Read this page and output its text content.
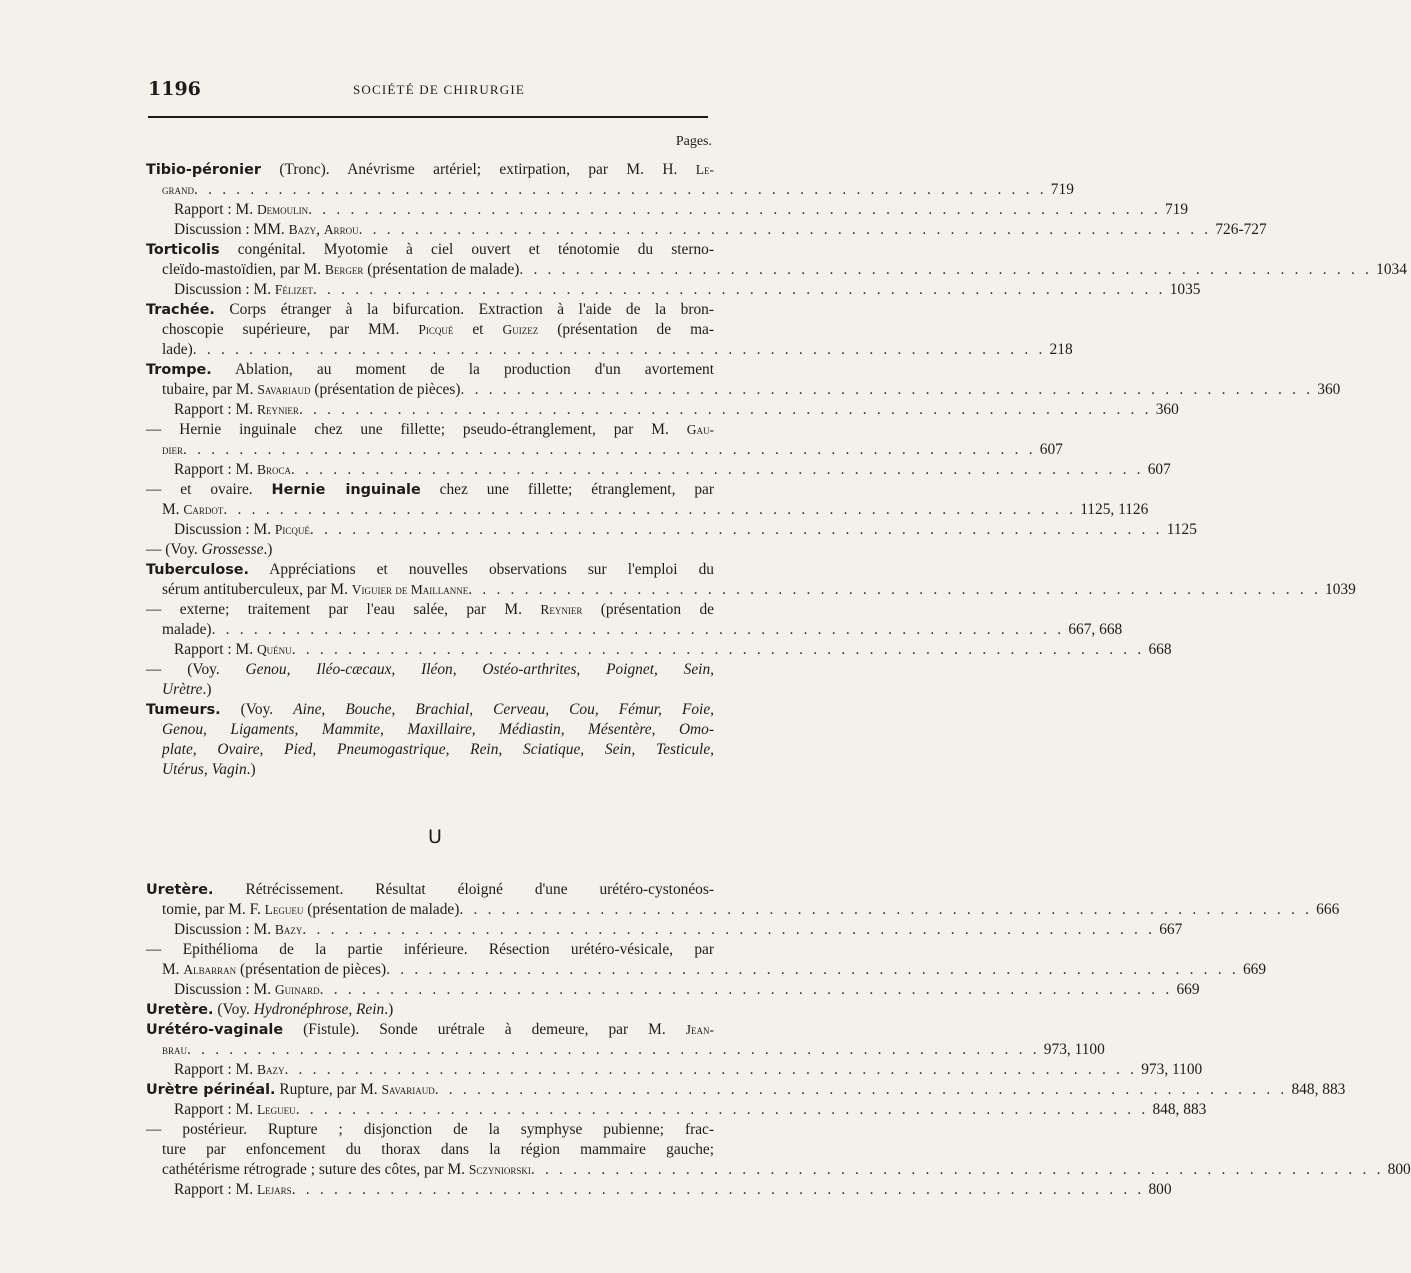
1196	SOCIÉTÉ DE CHIRURGIE
Pages.
Tibio-péronier (Tronc). Anévrisme artériel; extirpation, par M. H. Le-
grand . . . . . . . . . . . . . . . . . . . . . . . . . . . . . . . . . . . . . . . . . . . . . . . . . . . . . . . . . . . . . 719
Rapport : M. Demoulin . . . . . . . . . . . . . . . . . . . . . . . . . . . . . . . . . . . . . . . . . . . . . . . . . . . . . . . . . . . . . 719
Discussion : MM. Bazy, Arrou . . . . . . . . . . . . . . . . . . . . . . . . . . . . . . . . . . . . . . . . . . . . . . . . . . . . . . . . . . . . . 726-727
Torticolis congénital. Myotomie à ciel ouvert et ténotomie du sterno-
cleïdo-mastoïdien, par M. Berger (présentation de malade) . . . . . . . . . . . . . . . . . . . . . . . . . . . . . . . . . . . . . . . . . . . . . . . . . . . . . . . . . . . . . 1034
Discussion : M. Félizet . . . . . . . . . . . . . . . . . . . . . . . . . . . . . . . . . . . . . . . . . . . . . . . . . . . . . . . . . . . . . 1035
Trachée. Corps étranger à la bifurcation. Extraction à l'aide de la bron-
choscopie supérieure, par MM. Picqué et Guizez (présentation de ma-
lade) . . . . . . . . . . . . . . . . . . . . . . . . . . . . . . . . . . . . . . . . . . . . . . . . . . . . . . . . . . . . . 218
Trompe. Ablation, au moment de la production d'un avortement
tubaire, par M. Savariaud (présentation de pièces) . . . . . . . . . . . . . . . . . . . . . . . . . . . . . . . . . . . . . . . . . . . . . . . . . . . . . . . . . . . . . 360
Rapport : M. Reynier . . . . . . . . . . . . . . . . . . . . . . . . . . . . . . . . . . . . . . . . . . . . . . . . . . . . . . . . . . . . . 360
— Hernie inguinale chez une fillette; pseudo-étranglement, par M. Gau-
dier . . . . . . . . . . . . . . . . . . . . . . . . . . . . . . . . . . . . . . . . . . . . . . . . . . . . . . . . . . . . . 607
Rapport : M. Broca . . . . . . . . . . . . . . . . . . . . . . . . . . . . . . . . . . . . . . . . . . . . . . . . . . . . . . . . . . . . . 607
— et ovaire. Hernie inguinale chez une fillette; étranglement, par
M. Cardot . . . . . . . . . . . . . . . . . . . . . . . . . . . . . . . . . . . . . . . . . . . . . . . . . . . . . . . . . . . . . 1125, 1126
Discussion : M. Picqué . . . . . . . . . . . . . . . . . . . . . . . . . . . . . . . . . . . . . . . . . . . . . . . . . . . . . . . . . . . . . 1125
— (Voy. Grossesse.)
Tuberculose. Appréciations et nouvelles observations sur l'emploi du
sérum antituberculeux, par M. Viguier de Maillanne . . . . . . . . . . . . . . . . . . . . . . . . . . . . . . . . . . . . . . . . . . . . . . . . . . . . . . . . . . . . . 1039
— externe; traitement par l'eau salée, par M. Reynier (présentation de
malade) . . . . . . . . . . . . . . . . . . . . . . . . . . . . . . . . . . . . . . . . . . . . . . . . . . . . . . . . . . . . . 667, 668
Rapport : M. Quénu . . . . . . . . . . . . . . . . . . . . . . . . . . . . . . . . . . . . . . . . . . . . . . . . . . . . . . . . . . . . . 668
— (Voy. Genou, Iléo-cæcaux, Iléon, Ostéo-arthrites, Poignet, Sein,
Urètre.)
Tumeurs. (Voy. Aine, Bouche, Brachial, Cerveau, Cou, Fémur, Foie,
Genou, Ligaments, Mammite, Maxillaire, Médiastin, Mésentère, Omo-
plate, Ovaire, Pied, Pneumogastrique, Rein, Sciatique, Sein, Testicule,
Utérus, Vagin.)
U
Uretère. Rétrécissement. Résultat éloigné d'une urétéro-cystonéos-
tomie, par M. F. Legueu (présentation de malade) . . . . . . . . . . . . . . . . . . . . . . . . . . . . . . . . . . . . . . . . . . . . . . . . . . . . . . . . . . . . . 666
Discussion : M. Bazy . . . . . . . . . . . . . . . . . . . . . . . . . . . . . . . . . . . . . . . . . . . . . . . . . . . . . . . . . . . . . 667
— Epithélioma de la partie inférieure. Résection urétéro-vésicale, par
M. Albarran (présentation de pièces) . . . . . . . . . . . . . . . . . . . . . . . . . . . . . . . . . . . . . . . . . . . . . . . . . . . . . . . . . . . . . 669
Discussion : M. Guinard . . . . . . . . . . . . . . . . . . . . . . . . . . . . . . . . . . . . . . . . . . . . . . . . . . . . . . . . . . . . . 669
Uretère. (Voy. Hydronéphrose, Rein.)
Urétéro-vaginale (Fistule). Sonde urétrale à demeure, par M. Jean-
brau . . . . . . . . . . . . . . . . . . . . . . . . . . . . . . . . . . . . . . . . . . . . . . . . . . . . . . . . . . . . . 973, 1100
Rapport : M. Bazy . . . . . . . . . . . . . . . . . . . . . . . . . . . . . . . . . . . . . . . . . . . . . . . . . . . . . . . . . . . . . 973, 1100
Urètre périnéal. Rupture, par M. Savariaud . . . . . . . . . . . . . . . . . . . . . . . . . . . . . . . . . . . . . . . . . . . . . . . . . . . . . . . . . . . . . 848, 883
Rapport : M. Legueu . . . . . . . . . . . . . . . . . . . . . . . . . . . . . . . . . . . . . . . . . . . . . . . . . . . . . . . . . . . . . 848, 883
— postérieur. Rupture ; disjonction de la symphyse pubienne; frac-
ture par enfoncement du thorax dans la région mammaire gauche;
cathétérisme rétrograde ; suture des côtes, par M. Sczyniorski . . . . . . . . . . . . . . . . . . . . . . . . . . . . . . . . . . . . . . . . . . . . . . . . . . . . . . . . . . . . . 800
Rapport : M. Lejars . . . . . . . . . . . . . . . . . . . . . . . . . . . . . . . . . . . . . . . . . . . . . . . . . . . . . . . . . . . . . 800
